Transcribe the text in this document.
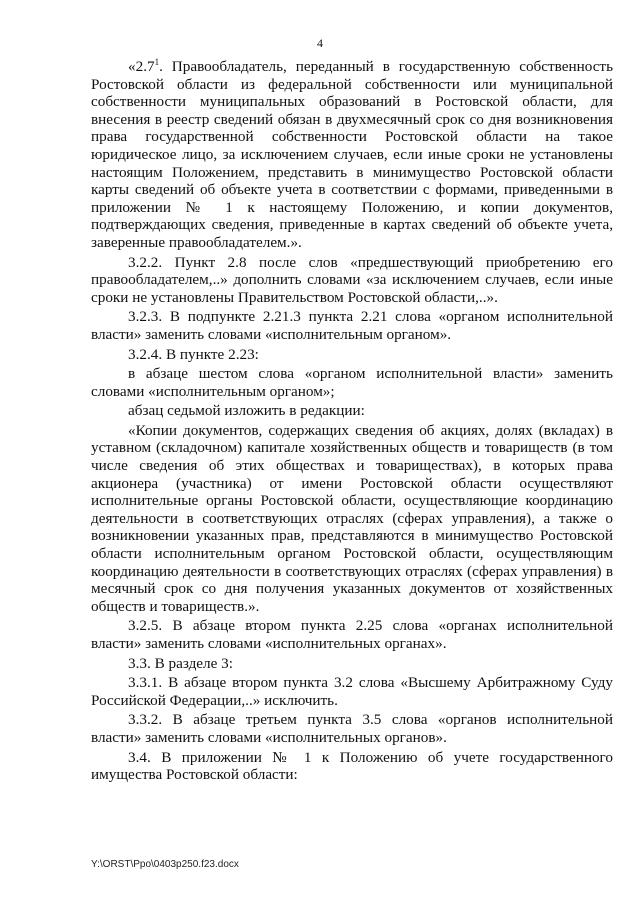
4

«$2.7^1$. Правообладатель, переданный в государственную собственность Ростовской области из федеральной собственности или муниципальной собственности муниципальных образований в Ростовской области, для внесения в реестр сведений обязан в двухмесячный срок со дня возникновения права государственной собственности Ростовской области на такое юридическое лицо, за исключением случаев, если иные сроки не установлены настоящим Положением, представить в минимущество Ростовской области карты сведений об объекте учета в соответствии с формами, приведенными в приложении № 1 к настоящему Положению, и копии документов, подтверждающих сведения, приведенные в картах сведений об объекте учета, заверенные правообладателем.».

3.2.2. Пункт 2.8 после слов «предшествующий приобретению его правообладателем,..» дополнить словами «за исключением случаев, если иные сроки не установлены Правительством Ростовской области,..».

3.2.3. В подпункте 2.21.3 пункта 2.21 слова «органом исполнительной власти» заменить словами «исполнительным органом».

3.2.4. В пункте 2.23:

в абзаце шестом слова «органом исполнительной власти» заменить словами «исполнительным органом»;

абзац седьмой изложить в редакции:

«Копии документов, содержащих сведения об акциях, долях (вкладах) в уставном (складочном) капитале хозяйственных обществ и товариществ (в том числе сведения об этих обществах и товариществах), в которых права акционера (участника) от имени Ростовской области осуществляют исполнительные органы Ростовской области, осуществляющие координацию деятельности в соответствующих отраслях (сферах управления), а также о возникновении указанных прав, представляются в минимущество Ростовской области исполнительным органом Ростовской области, осуществляющим координацию деятельности в соответствующих отраслях (сферах управления) в месячный срок со дня получения указанных документов от хозяйственных обществ и товариществ.».

3.2.5. В абзаце втором пункта 2.25 слова «органах исполнительной власти» заменить словами «исполнительных органах».

3.3. В разделе 3:

3.3.1. В абзаце втором пункта 3.2 слова «Высшему Арбитражному Суду Российской Федерации,..» исключить.

3.3.2. В абзаце третьем пункта 3.5 слова «органов исполнительной власти» заменить словами «исполнительных органов».

3.4. В приложении № 1 к Положению об учете государственного имущества Ростовской области:

Y:\ORST\Ppo\0403p250.f23.docx
